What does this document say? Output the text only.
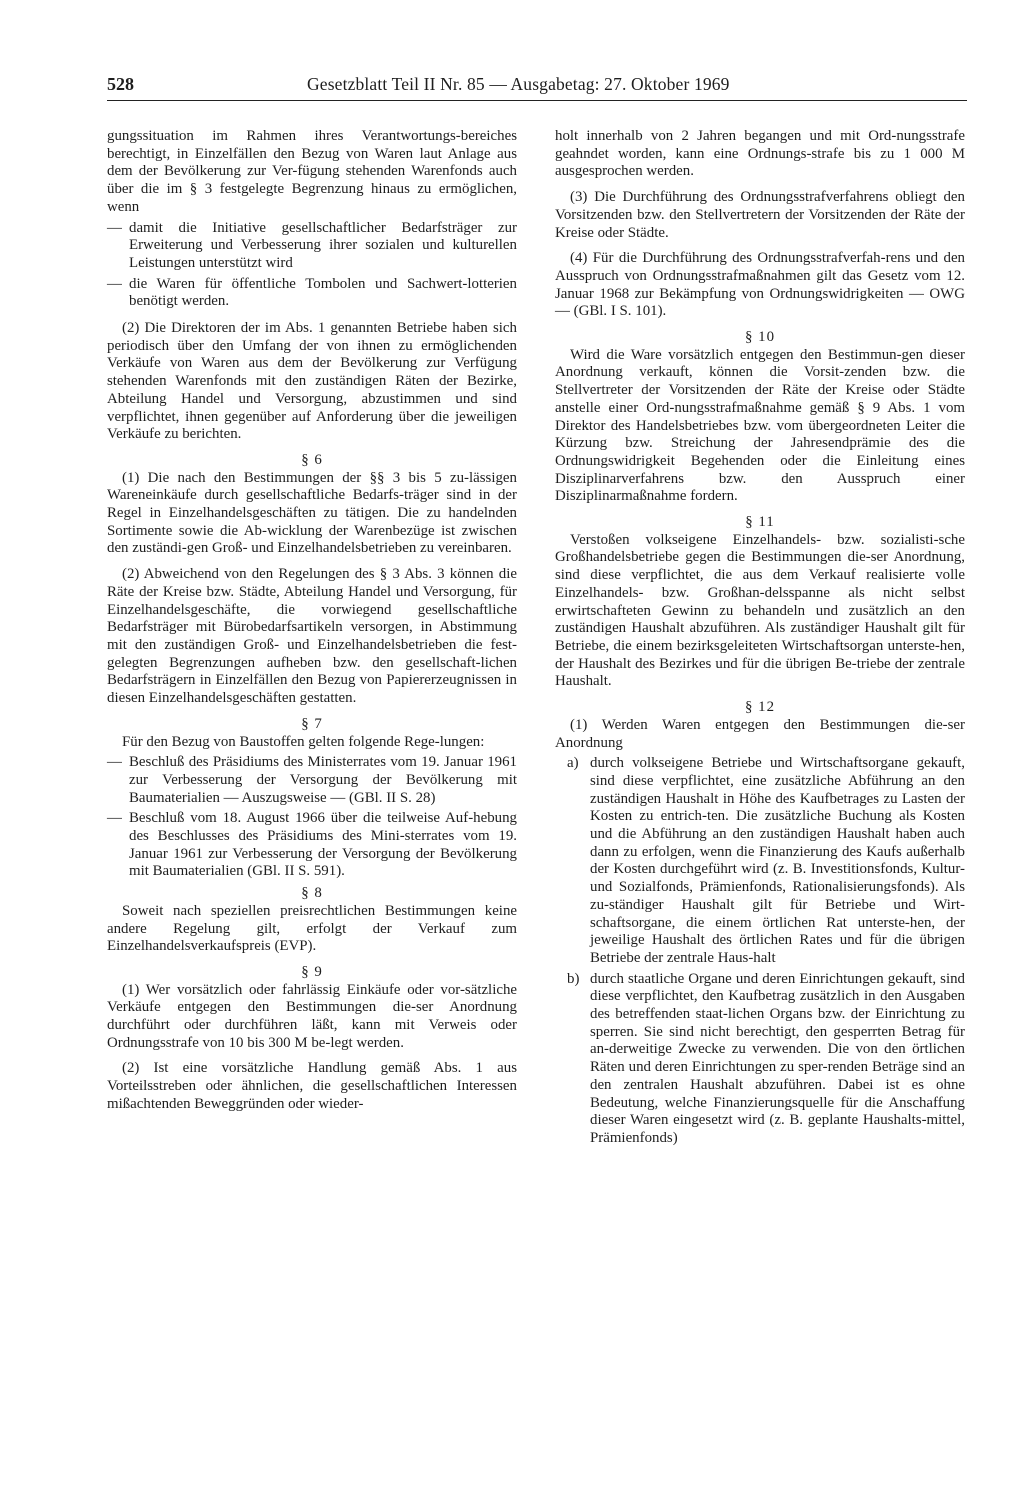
528	Gesetzblatt Teil II Nr. 85 — Ausgabetag: 27. Oktober 1969

gungssituation im Rahmen ihres Verantwortungs-bereiches berechtigt, in Einzelfällen den Bezug von Waren laut Anlage aus dem der Bevölkerung zur Ver-fügung stehenden Warenfonds auch über die im § 3 festgelegte Begrenzung hinaus zu ermöglichen, wenn

— damit die Initiative gesellschaftlicher Bedarfsträger zur Erweiterung und Verbesserung ihrer sozialen und kulturellen Leistungen unterstützt wird
— die Waren für öffentliche Tombolen und Sachwert-lotterien benötigt werden.

(2) Die Direktoren der im Abs. 1 genannten Betriebe haben sich periodisch über den Umfang der von ihnen zu ermöglichenden Verkäufe von Waren aus dem der Bevölkerung zur Verfügung stehenden Warenfonds mit den zuständigen Räten der Bezirke, Abteilung Handel und Versorgung, abzustimmen und sind verpflichtet, ihnen gegenüber auf Anforderung über die jeweiligen Verkäufe zu berichten.

§ 6

(1) Die nach den Bestimmungen der §§ 3 bis 5 zu-lässigen Wareneinkäufe durch gesellschaftliche Bedarfs-träger sind in der Regel in Einzelhandelsgeschäften zu tätigen. Die zu handelnden Sortimente sowie die Ab-wicklung der Warenbezüge ist zwischen den zuständi-gen Groß- und Einzelhandelsbetrieben zu vereinbaren.

(2) Abweichend von den Regelungen des § 3 Abs. 3 können die Räte der Kreise bzw. Städte, Abteilung Handel und Versorgung, für Einzelhandelsgeschäfte, die vorwiegend gesellschaftliche Bedarfsträger mit Bürobedarfsartikeln versorgen, in Abstimmung mit den zuständigen Groß- und Einzelhandelsbetrieben die fest-gelegten Begrenzungen aufheben bzw. den gesellschaft-lichen Bedarfsträgern in Einzelfällen den Bezug von Papiererzeugnissen in diesen Einzelhandelsgeschäften gestatten.

§ 7

Für den Bezug von Baustoffen gelten folgende Rege-lungen:

— Beschluß des Präsidiums des Ministerrates vom 19. Januar 1961 zur Verbesserung der Versorgung der Bevölkerung mit Baumaterialien — Auszugsweise — (GBl. II S. 28)
— Beschluß vom 18. August 1966 über die teilweise Auf-hebung des Beschlusses des Präsidiums des Mini-sterrates vom 19. Januar 1961 zur Verbesserung der Versorgung der Bevölkerung mit Baumaterialien (GBl. II S. 591).

§ 8

Soweit nach speziellen preisrechtlichen Bestimmungen keine andere Regelung gilt, erfolgt der Verkauf zum Einzelhandelsverkaufspreis (EVP).

§ 9

(1) Wer vorsätzlich oder fahrlässig Einkäufe oder vor-sätzliche Verkäufe entgegen den Bestimmungen die-ser Anordnung durchführt oder durchführen läßt, kann mit Verweis oder Ordnungsstrafe von 10 bis 300 M be-legt werden.

(2) Ist eine vorsätzliche Handlung gemäß Abs. 1 aus Vorteilsstreben oder ähnlichen, die gesellschaftlichen Interessen mißachtenden Beweggründen oder wieder-

holt innerhalb von 2 Jahren begangen und mit Ord-nungsstrafe geahndet worden, kann eine Ordnungs-strafe bis zu 1 000 M ausgesprochen werden.

(3) Die Durchführung des Ordnungsstrafverfahrens obliegt den Vorsitzenden bzw. den Stellvertretern der Vorsitzenden der Räte der Kreise oder Städte.

(4) Für die Durchführung des Ordnungsstrafverfah-rens und den Ausspruch von Ordnungsstrafmaßnahmen gilt das Gesetz vom 12. Januar 1968 zur Bekämpfung von Ordnungswidrigkeiten — OWG — (GBl. I S. 101).

§ 10

Wird die Ware vorsätzlich entgegen den Bestimmun-gen dieser Anordnung verkauft, können die Vorsit-zenden bzw. die Stellvertreter der Vorsitzenden der Räte der Kreise oder Städte anstelle einer Ord-nungsstrafmaßnahme gemäß § 9 Abs. 1 vom Direktor des Handelsbetriebes bzw. vom übergeordneten Leiter die Kürzung bzw. Streichung der Jahresendprämie des die Ordnungswidrigkeit Begehenden oder die Einleitung eines Disziplinarverfahrens bzw. den Ausspruch einer Disziplinarmaßnahme fordern.

§ 11

Verstoßen volkseigene Einzelhandels- bzw. sozialisti-sche Großhandelsbetriebe gegen die Bestimmungen die-ser Anordnung, sind diese verpflichtet, die aus dem Verkauf realisierte volle Einzelhandels- bzw. Großhan-delsspanne als nicht selbst erwirtschafteten Gewinn zu behandeln und zusätzlich an den zuständigen Haushalt abzuführen. Als zuständiger Haushalt gilt für Betriebe, die einem bezirksgeleiteten Wirtschaftsorgan unterste-hen, der Haushalt des Bezirkes und für die übrigen Be-triebe der zentrale Haushalt.

§ 12

(1) Werden Waren entgegen den Bestimmungen die-ser Anordnung

a) durch volkseigene Betriebe und Wirtschaftsorgane gekauft, sind diese verpflichtet, eine zusätzliche Abführung an den zuständigen Haushalt in Höhe des Kaufbetrages zu Lasten der Kosten zu entrich-ten. Die zusätzliche Buchung als Kosten und die Abführung an den zuständigen Haushalt haben auch dann zu erfolgen, wenn die Finanzierung des Kaufs außerhalb der Kosten durchgeführt wird (z. B. Investitionsfonds, Kultur- und Sozialfonds, Prämienfonds, Rationalisierungsfonds). Als zu-ständiger Haushalt gilt für Betriebe und Wirt-schaftsorgane, die einem örtlichen Rat unterste-hen, der jeweilige Haushalt des örtlichen Rates und für die übrigen Betriebe der zentrale Haus-halt
b) durch staatliche Organe und deren Einrichtungen gekauft, sind diese verpflichtet, den Kaufbetrag zusätzlich in den Ausgaben des betreffenden staat-lichen Organs bzw. der Einrichtung zu sperren. Sie sind nicht berechtigt, den gesperrten Betrag für an-derweitige Zwecke zu verwenden. Die von den örtlichen Räten und deren Einrichtungen zu sper-renden Beträge sind an den zentralen Haushalt abzuführen. Dabei ist es ohne Bedeutung, welche Finanzierungsquelle für die Anschaffung dieser Waren eingesetzt wird (z. B. geplante Haushalts-mittel, Prämienfonds)
